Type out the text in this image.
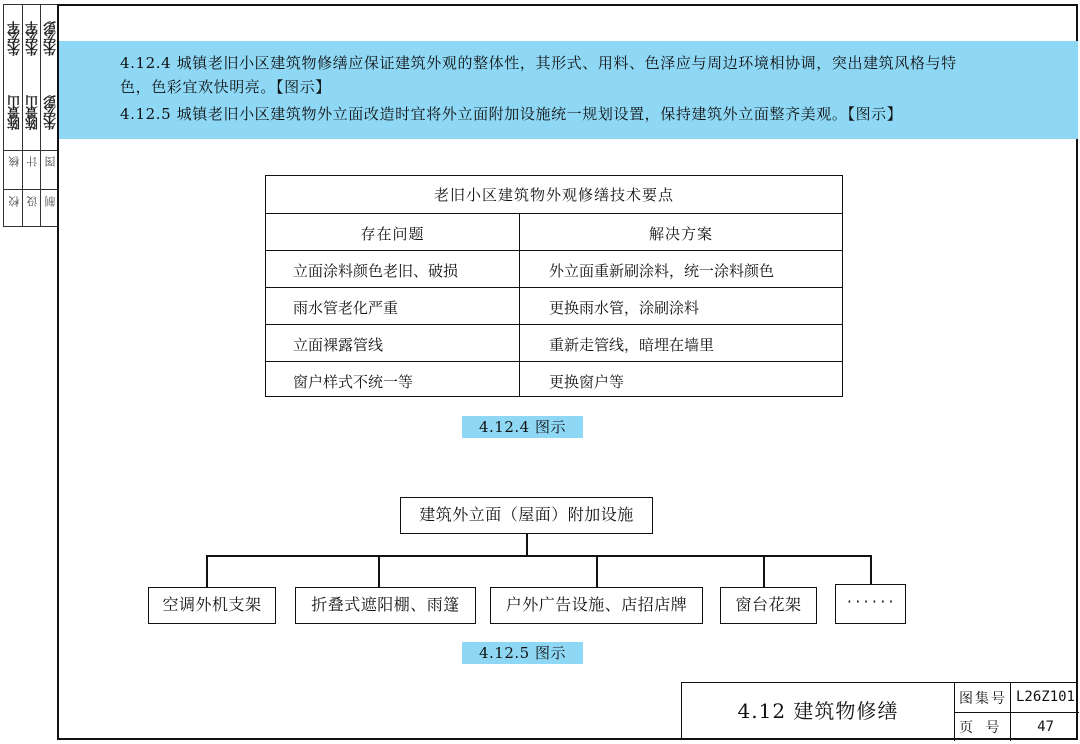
朱宏军 朱宏军 朱宏彭
陈景山 陈景山 朱宏彭
核 计 图
校 设 制
4.12.4 城镇老旧小区建筑物修缮应保证建筑外观的整体性，其形式、用料、色泽应与周边环境相协调，突出建筑风格与特
色，色彩宜欢快明亮。【图示】
4.12.5 城镇老旧小区建筑物外立面改造时宜将外立面附加设施统一规划设置，保持建筑外立面整齐美观。【图示】
老旧小区建筑物外观修缮技术要点
存在问题	解决方案
立面涂料颜色老旧、破损	外立面重新刷涂料，统一涂料颜色
雨水管老化严重	更换雨水管，涂刷涂料
立面裸露管线	重新走管线，暗埋在墙里
窗户样式不统一等	更换窗户等
4.12.4 图示
建筑外立面（屋面）附加设施
空调外机支架	折叠式遮阳棚、雨篷	户外广告设施、店招店牌	窗台花架	······
4.12.5 图示
4.12 建筑物修缮	图集号 L26Z101
页 号	47
